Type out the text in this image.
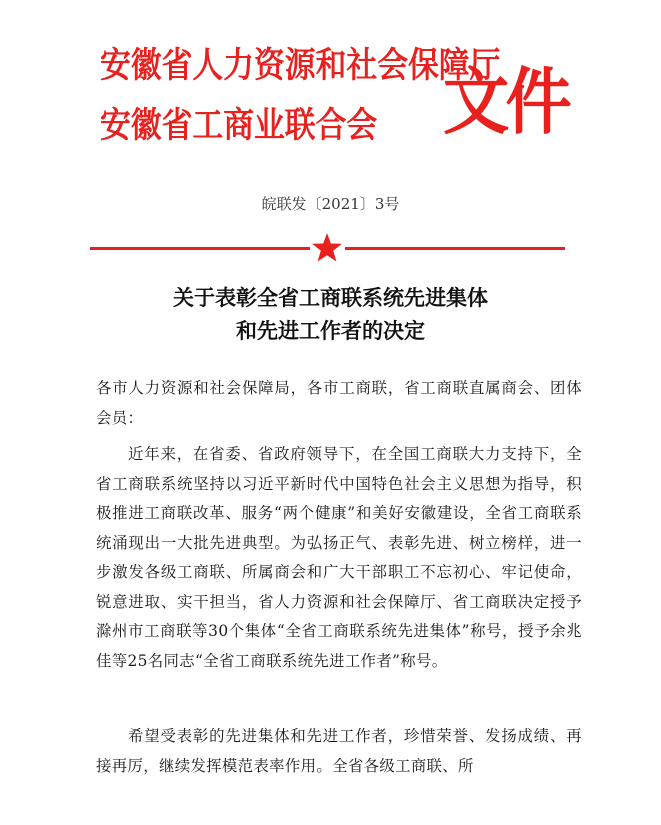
安徽省人力资源和社会保障厅
安徽省工商业联合会 文件
皖联发〔2021〕3号
关于表彰全省工商联系统先进集体
和先进工作者的决定
各市人力资源和社会保障局，各市工商联，省工商联直属商会、团体会员：
近年来，在省委、省政府领导下，在全国工商联大力支持下，全省工商联系统坚持以习近平新时代中国特色社会主义思想为指导，积极推进工商联改革、服务“两个健康”和美好安徽建设，全省工商联系统涌现出一大批先进典型。为弘扬正气、表彰先进、树立榜样，进一步激发各级工商联、所属商会和广大干部职工不忘初心、牢记使命，锐意进取、实干担当，省人力资源和社会保障厅、省工商联决定授予滁州市工商联等30个集体“全省工商联系统先进集体”称号，授予余兆佳等25名同志“全省工商联系统先进工作者”称号。
希望受表彰的先进集体和先进工作者，珍惜荣誉、发扬成绩、再接再厉，继续发挥模范表率作用。全省各级工商联、所
